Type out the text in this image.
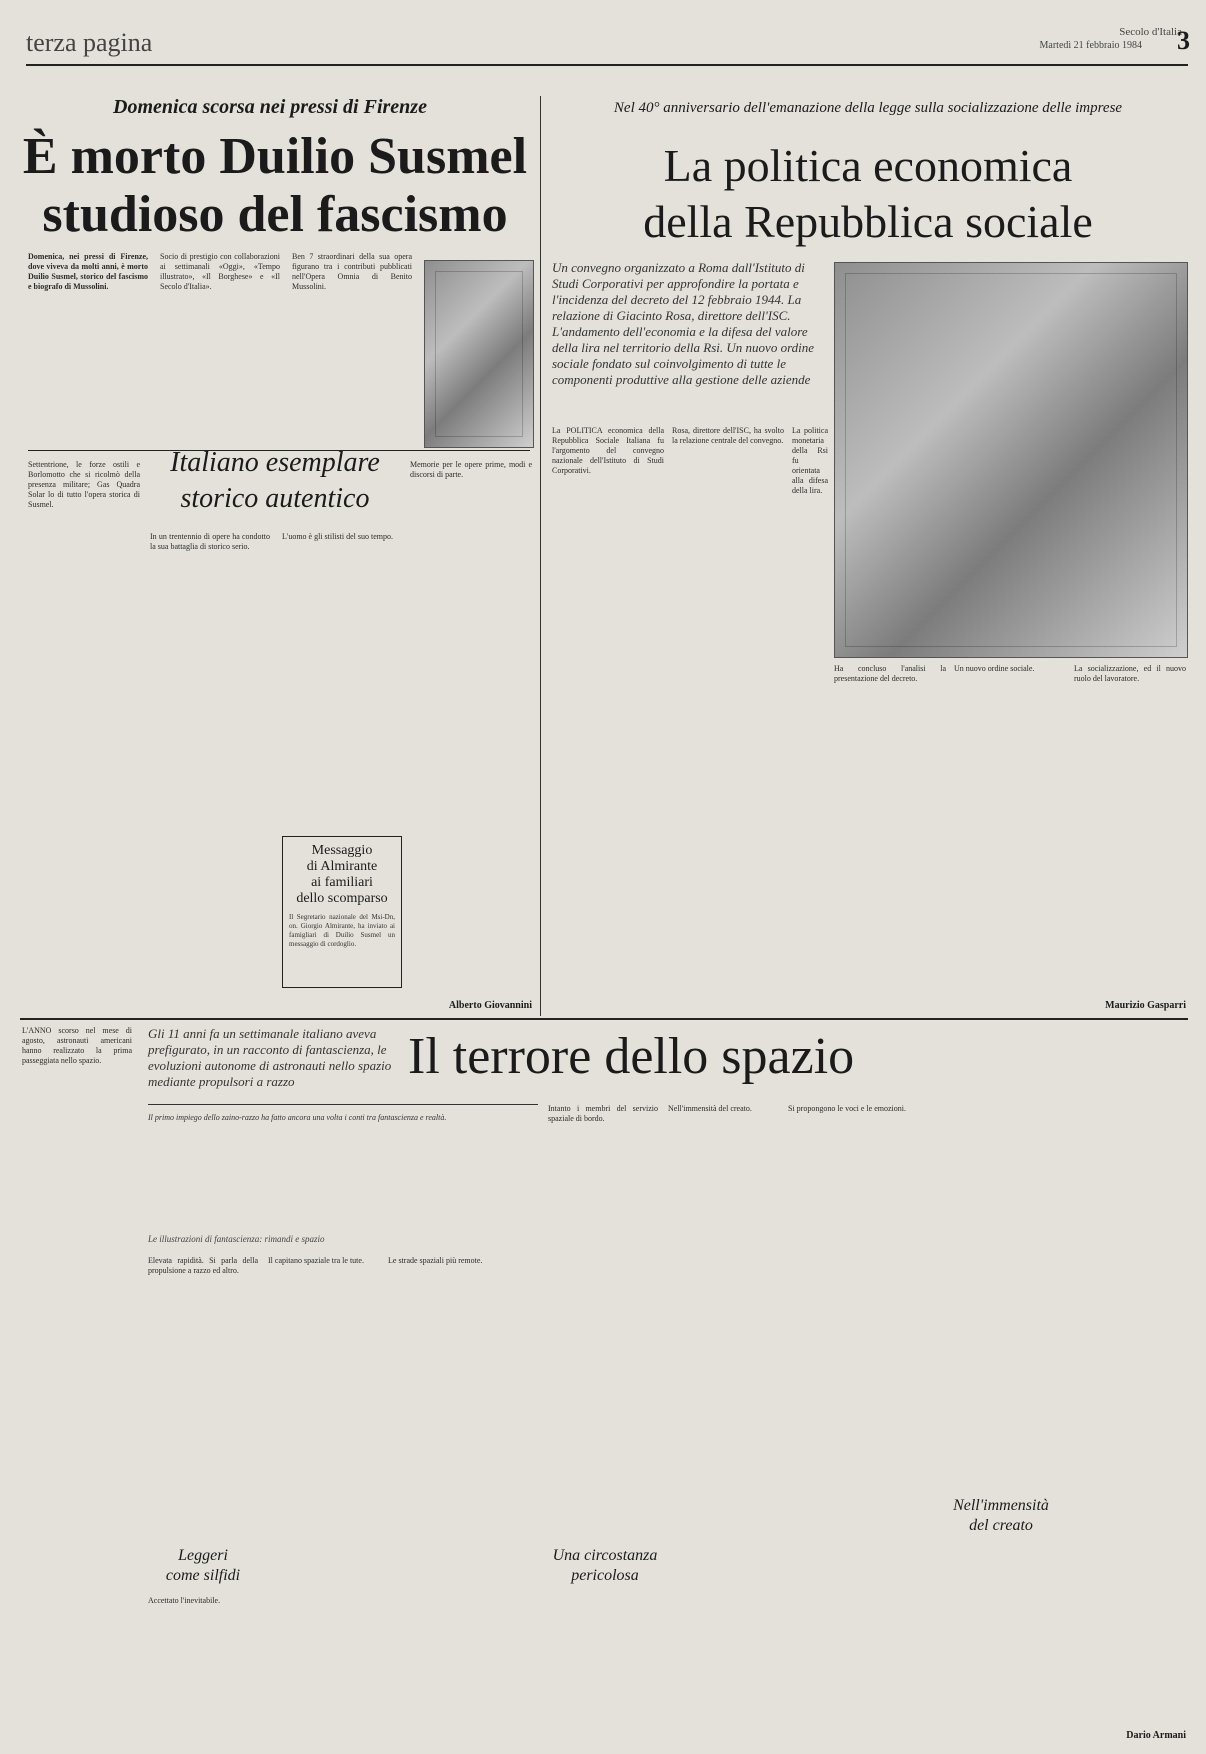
terza pagina	Secolo d'Italia
Martedì 21 febbraio 1984	3
Domenica scorsa nei pressi di Firenze
È morto Duilio Susmel
studioso del fascismo
Domenica, nei pressi di Firenze, dove viveva da molti anni, è morto Duilio Susmel, storico del fascismo e biografo di Mussolini.
Socio di prestigio con collaborazioni ai settimanali «Oggi», «Tempo illustrato», «Il Borghese» e «Il Secolo d'Italia».
Ben 7 straordinari della sua opera figurano tra i contributi pubblicati nell'Opera Omnia di Benito Mussolini.
Settentrione, le forze ostili e Borlomotto che si ricolmò della presenza militare; Gas Quadra Solar lo di tutto l'opera storica di Susmel.
Italiano esemplare
storico autentico
In un trentennio di opere ha condotto la sua battaglia di storico serio.
L'uomo è gli stilisti del suo tempo.
Messaggio
di Almirante
ai familiari
dello scomparso
Il Segretario nazionale del Msi-Dn, on. Giorgio Almirante, ha inviato ai famigliari di Duilio Susmel un messaggio di cordoglio.
Memorie per le opere prime, modi e discorsi di parte.
Alberto Giovannini
Nel 40° anniversario dell'emanazione della legge sulla socializzazione delle imprese
La politica economica
della Repubblica sociale
Un convegno organizzato a Roma dall'Istituto di Studi Corporativi per approfondire la portata e l'incidenza del decreto del 12 febbraio 1944. La relazione di Giacinto Rosa, direttore dell'ISC. L'andamento dell'economia e la difesa del valore della lira nel territorio della Rsi. Un nuovo ordine sociale fondato sul coinvolgimento di tutte le componenti produttive alla gestione delle aziende
La POLITICA economica della Repubblica Sociale Italiana fu l'argomento del convegno nazionale dell'Istituto di Studi Corporativi.
Rosa, direttore dell'ISC, ha svolto la relazione centrale del convegno.
La politica monetaria della Rsi fu orientata alla difesa della lira.
Ha concluso l'analisi la presentazione del decreto.
Un nuovo ordine sociale.	La socializzazione, ed il nuovo ruolo del lavoratore.
Maurizio Gasparri
L'ANNO scorso nel mese di agosto, astronauti americani hanno realizzato la prima passeggiata nello spazio.
Gli 11 anni fa un settimanale italiano aveva prefigurato, in un racconto di fantascienza, le evoluzioni autonome di astronauti nello spazio mediante propulsori a razzo	Il terrore dello spazio
Il primo impiego dello zaino-razzo ha fatto ancora una volta i conti tra fantascienza e realtà.
Le illustrazioni di fantascienza: rimandi e spazio
Elevata rapidità. Si parla della propulsione a razzo ed altro.
Leggeri
come silfidi
Accettato l'inevitabile.
Il capitano spaziale tra le tute.	Le strade spaziali più remote.
Intanto i membri del servizio spaziale di bordo.
Una circostanza
pericolosa
Nell'immensità del creato.	Si propongono le voci e le emozioni.
Nell'immensità
del creato
Dario Armani
